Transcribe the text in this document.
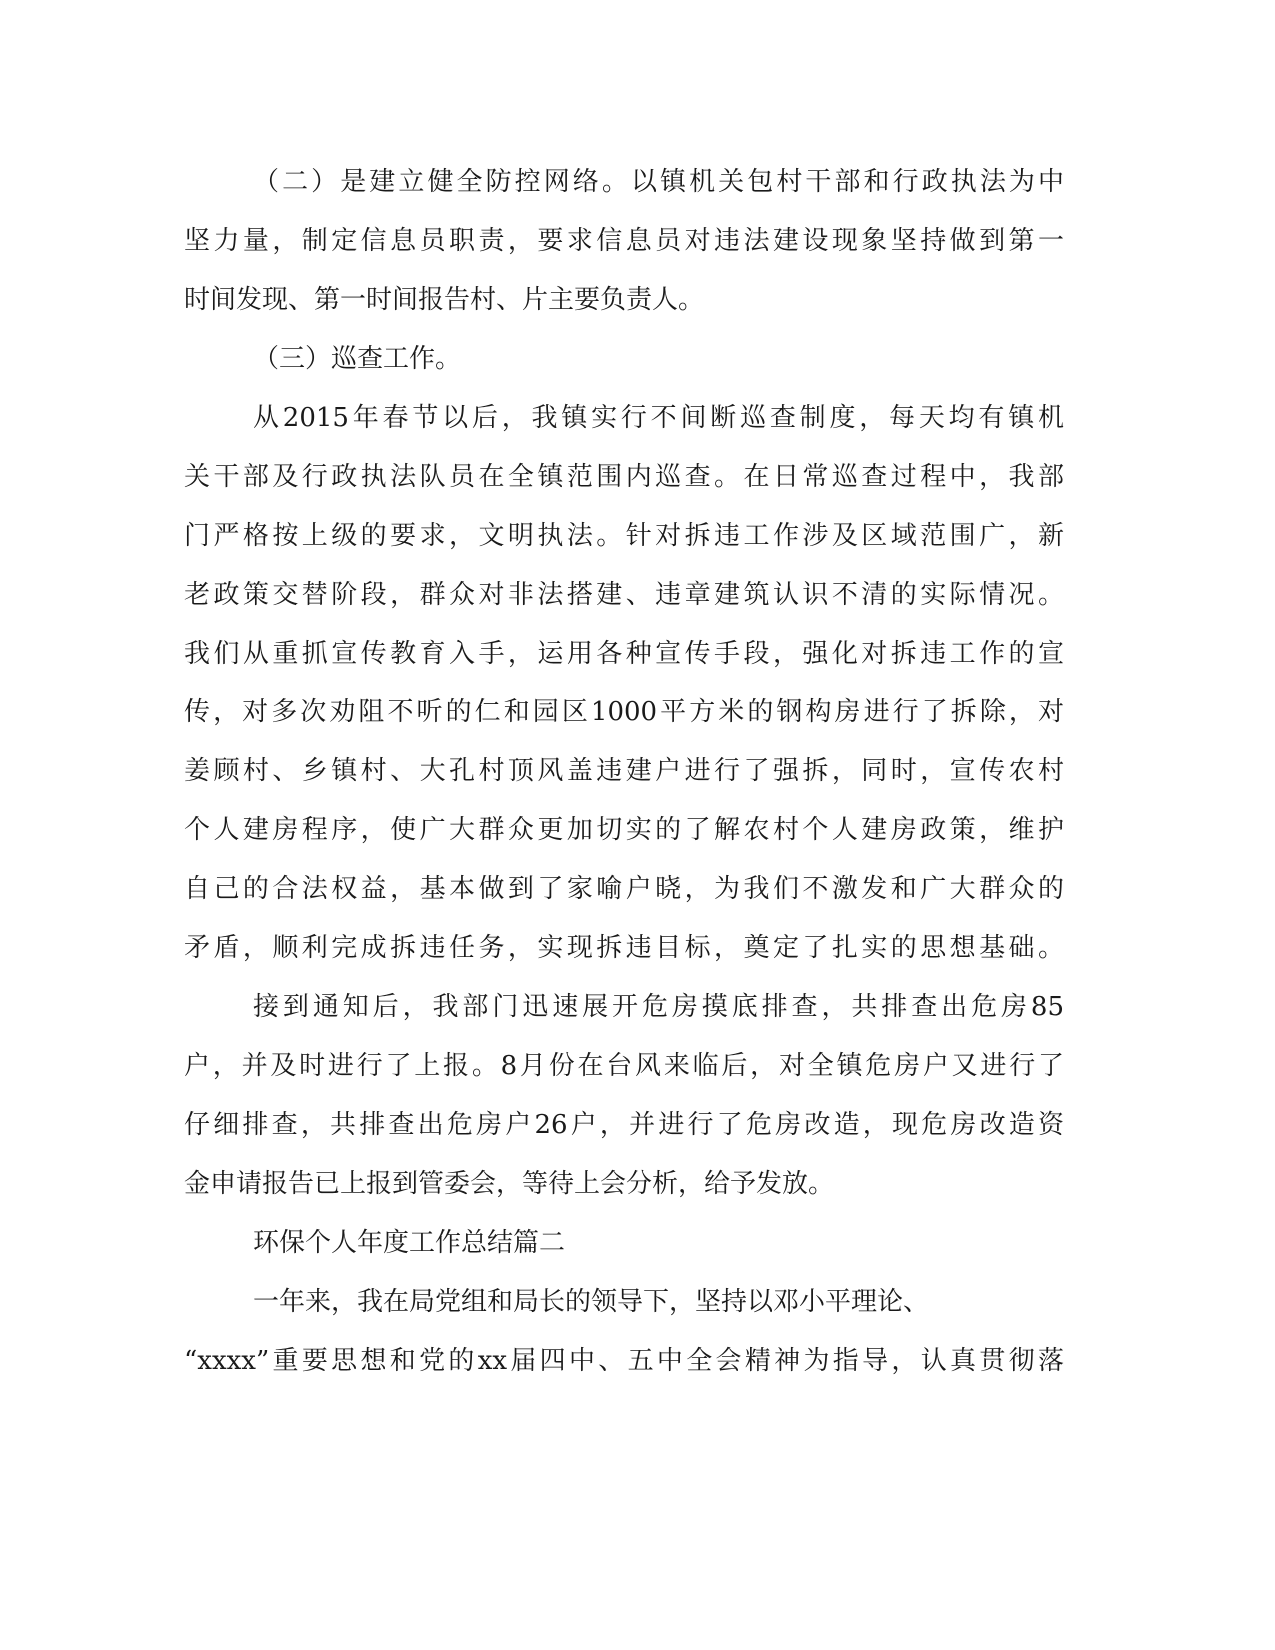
（二）是建立健全防控网络。以镇机关包村干部和行政执法为中
坚力量，制定信息员职责，要求信息员对违法建设现象坚持做到第一
时间发现、第一时间报告村、片主要负责人。
（三）巡查工作。
从2015年春节以后，我镇实行不间断巡查制度，每天均有镇机
关干部及行政执法队员在全镇范围内巡查。在日常巡查过程中，我部
门严格按上级的要求，文明执法。针对拆违工作涉及区域范围广，新
老政策交替阶段，群众对非法搭建、违章建筑认识不清的实际情况。
我们从重抓宣传教育入手，运用各种宣传手段，强化对拆违工作的宣
传，对多次劝阻不听的仁和园区1000平方米的钢构房进行了拆除，对
姜顾村、乡镇村、大孔村顶风盖违建户进行了强拆，同时，宣传农村
个人建房程序，使广大群众更加切实的了解农村个人建房政策，维护
自己的合法权益，基本做到了家喻户晓，为我们不激发和广大群众的
矛盾，顺利完成拆违任务，实现拆违目标，奠定了扎实的思想基础。
接到通知后，我部门迅速展开危房摸底排查，共排查出危房85
户，并及时进行了上报。8月份在台风来临后，对全镇危房户又进行了
仔细排查，共排查出危房户26户，并进行了危房改造，现危房改造资
金申请报告已上报到管委会，等待上会分析，给予发放。
环保个人年度工作总结篇二
一年来，我在局党组和局长的领导下，坚持以邓小平理论、
“xxxx”重要思想和党的xx届四中、五中全会精神为指导，认真贯彻落
